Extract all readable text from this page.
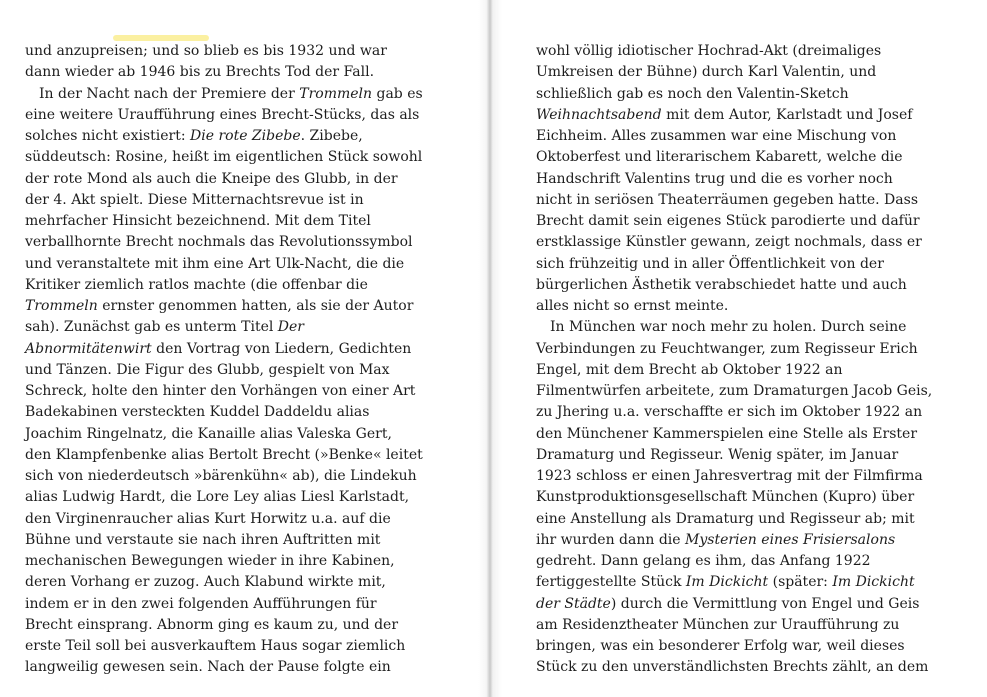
und anzupreisen; und so blieb es bis 1932 und war
dann wieder ab 1946 bis zu Brechts Tod der Fall.
In der Nacht nach der Premiere der Trommeln gab es
eine weitere Uraufführung eines Brecht-Stücks, das als
solches nicht existiert: Die rote Zibebe. Zibebe,
süddeutsch: Rosine, heißt im eigentlichen Stück sowohl
der rote Mond als auch die Kneipe des Glubb, in der
der 4. Akt spielt. Diese Mitternachtsrevue ist in
mehrfacher Hinsicht bezeichnend. Mit dem Titel
verballhornte Brecht nochmals das Revolutionssymbol
und veranstaltete mit ihm eine Art Ulk-Nacht, die die
Kritiker ziemlich ratlos machte (die offenbar die
Trommeln ernster genommen hatten, als sie der Autor
sah). Zunächst gab es unterm Titel Der
Abnormitätenwirt den Vortrag von Liedern, Gedichten
und Tänzen. Die Figur des Glubb, gespielt von Max
Schreck, holte den hinter den Vorhängen von einer Art
Badekabinen versteckten Kuddel Daddeldu alias
Joachim Ringelnatz, die Kanaille alias Valeska Gert,
den Klampfenbenke alias Bertolt Brecht (»Benke« leitet
sich von niederdeutsch »bärenkühn« ab), die Lindekuh
alias Ludwig Hardt, die Lore Ley alias Liesl Karlstadt,
den Virginenraucher alias Kurt Horwitz u.a. auf die
Bühne und verstaute sie nach ihren Auftritten mit
mechanischen Bewegungen wieder in ihre Kabinen,
deren Vorhang er zuzog. Auch Klabund wirkte mit,
indem er in den zwei folgenden Aufführungen für
Brecht einsprang. Abnorm ging es kaum zu, und der
erste Teil soll bei ausverkauftem Haus sogar ziemlich
langweilig gewesen sein. Nach der Pause folgte ein
wohl völlig idiotischer Hochrad-Akt (dreimaliges
Umkreisen der Bühne) durch Karl Valentin, und
schließlich gab es noch den Valentin-Sketch
Weihnachtsabend mit dem Autor, Karlstadt und Josef
Eichheim. Alles zusammen war eine Mischung von
Oktoberfest und literarischem Kabarett, welche die
Handschrift Valentins trug und die es vorher noch
nicht in seriösen Theaterräumen gegeben hatte. Dass
Brecht damit sein eigenes Stück parodierte und dafür
erstklassige Künstler gewann, zeigt nochmals, dass er
sich frühzeitig und in aller Öffentlichkeit von der
bürgerlichen Ästhetik verabschiedet hatte und auch
alles nicht so ernst meinte.
In München war noch mehr zu holen. Durch seine
Verbindungen zu Feuchtwanger, zum Regisseur Erich
Engel, mit dem Brecht ab Oktober 1922 an
Filmentwürfen arbeitete, zum Dramaturgen Jacob Geis,
zu Jhering u.a. verschaffte er sich im Oktober 1922 an
den Münchener Kammerspielen eine Stelle als Erster
Dramaturg und Regisseur. Wenig später, im Januar
1923 schloss er einen Jahresvertrag mit der Filmfirma
Kunstproduktionsgesellschaft München (Kupro) über
eine Anstellung als Dramaturg und Regisseur ab; mit
ihr wurden dann die Mysterien eines Frisiersalons
gedreht. Dann gelang es ihm, das Anfang 1922
fertiggestellte Stück Im Dickicht (später: Im Dickicht
der Städte) durch die Vermittlung von Engel und Geis
am Residenztheater München zur Uraufführung zu
bringen, was ein besonderer Erfolg war, weil dieses
Stück zu den unverständlichsten Brechts zählt, an dem
